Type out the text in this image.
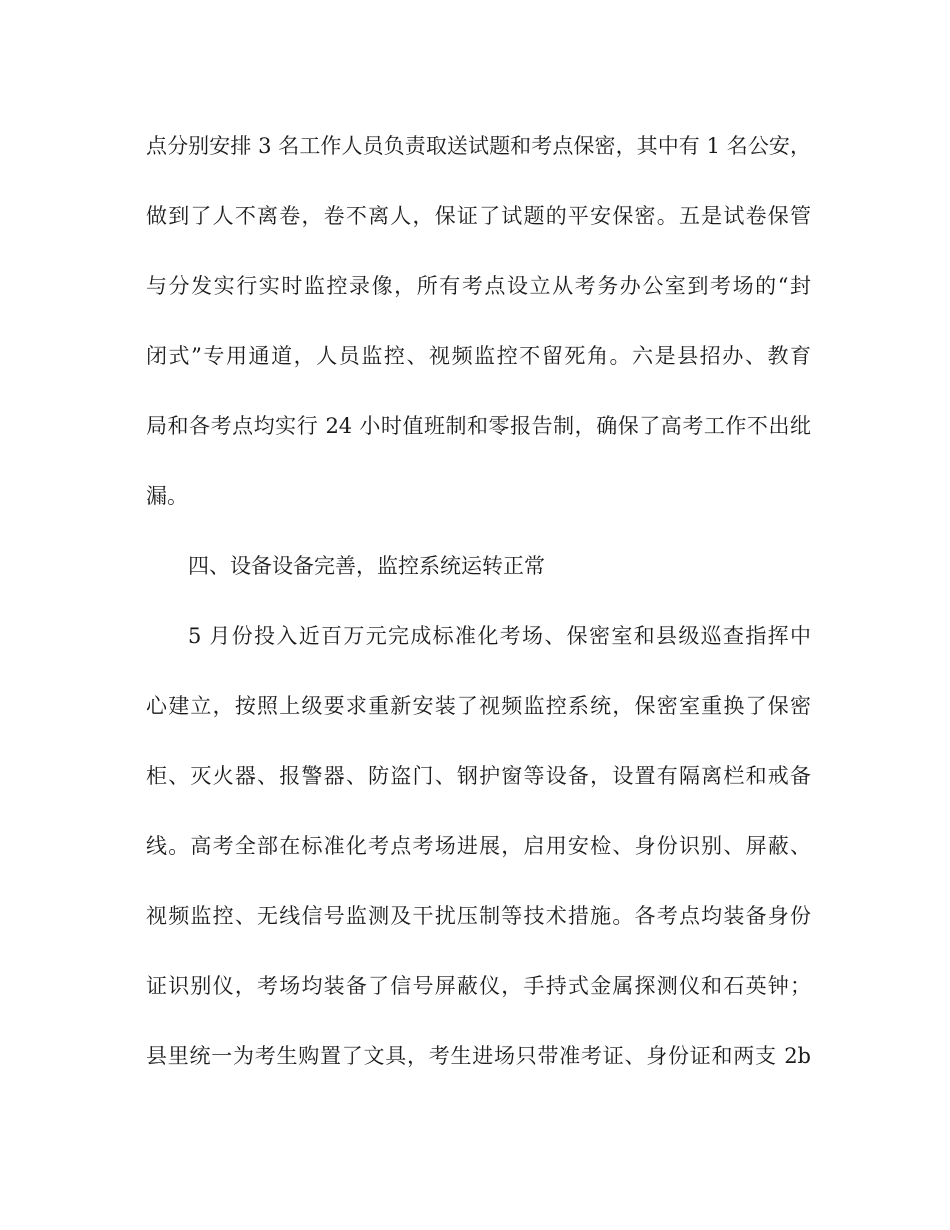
点分别安排 3 名工作人员负责取送试题和考点保密，其中有 1 名公安，
做到了人不离卷，卷不离人，保证了试题的平安保密。五是试卷保管
与分发实行实时监控录像，所有考点设立从考务办公室到考场的“封
闭式”专用通道，人员监控、视频监控不留死角。六是县招办、教育
局和各考点均实行 24 小时值班制和零报告制，确保了高考工作不出纰
漏。
四、设备设备完善，监控系统运转正常
5 月份投入近百万元完成标准化考场、保密室和县级巡查指挥中
心建立，按照上级要求重新安装了视频监控系统，保密室重换了保密
柜、灭火器、报警器、防盗门、钢护窗等设备，设置有隔离栏和戒备
线。高考全部在标准化考点考场进展，启用安检、身份识别、屏蔽、
视频监控、无线信号监测及干扰压制等技术措施。各考点均装备身份
证识别仪，考场均装备了信号屏蔽仪，手持式金属探测仪和石英钟；
县里统一为考生购置了文具，考生进场只带准考证、身份证和两支 2b
